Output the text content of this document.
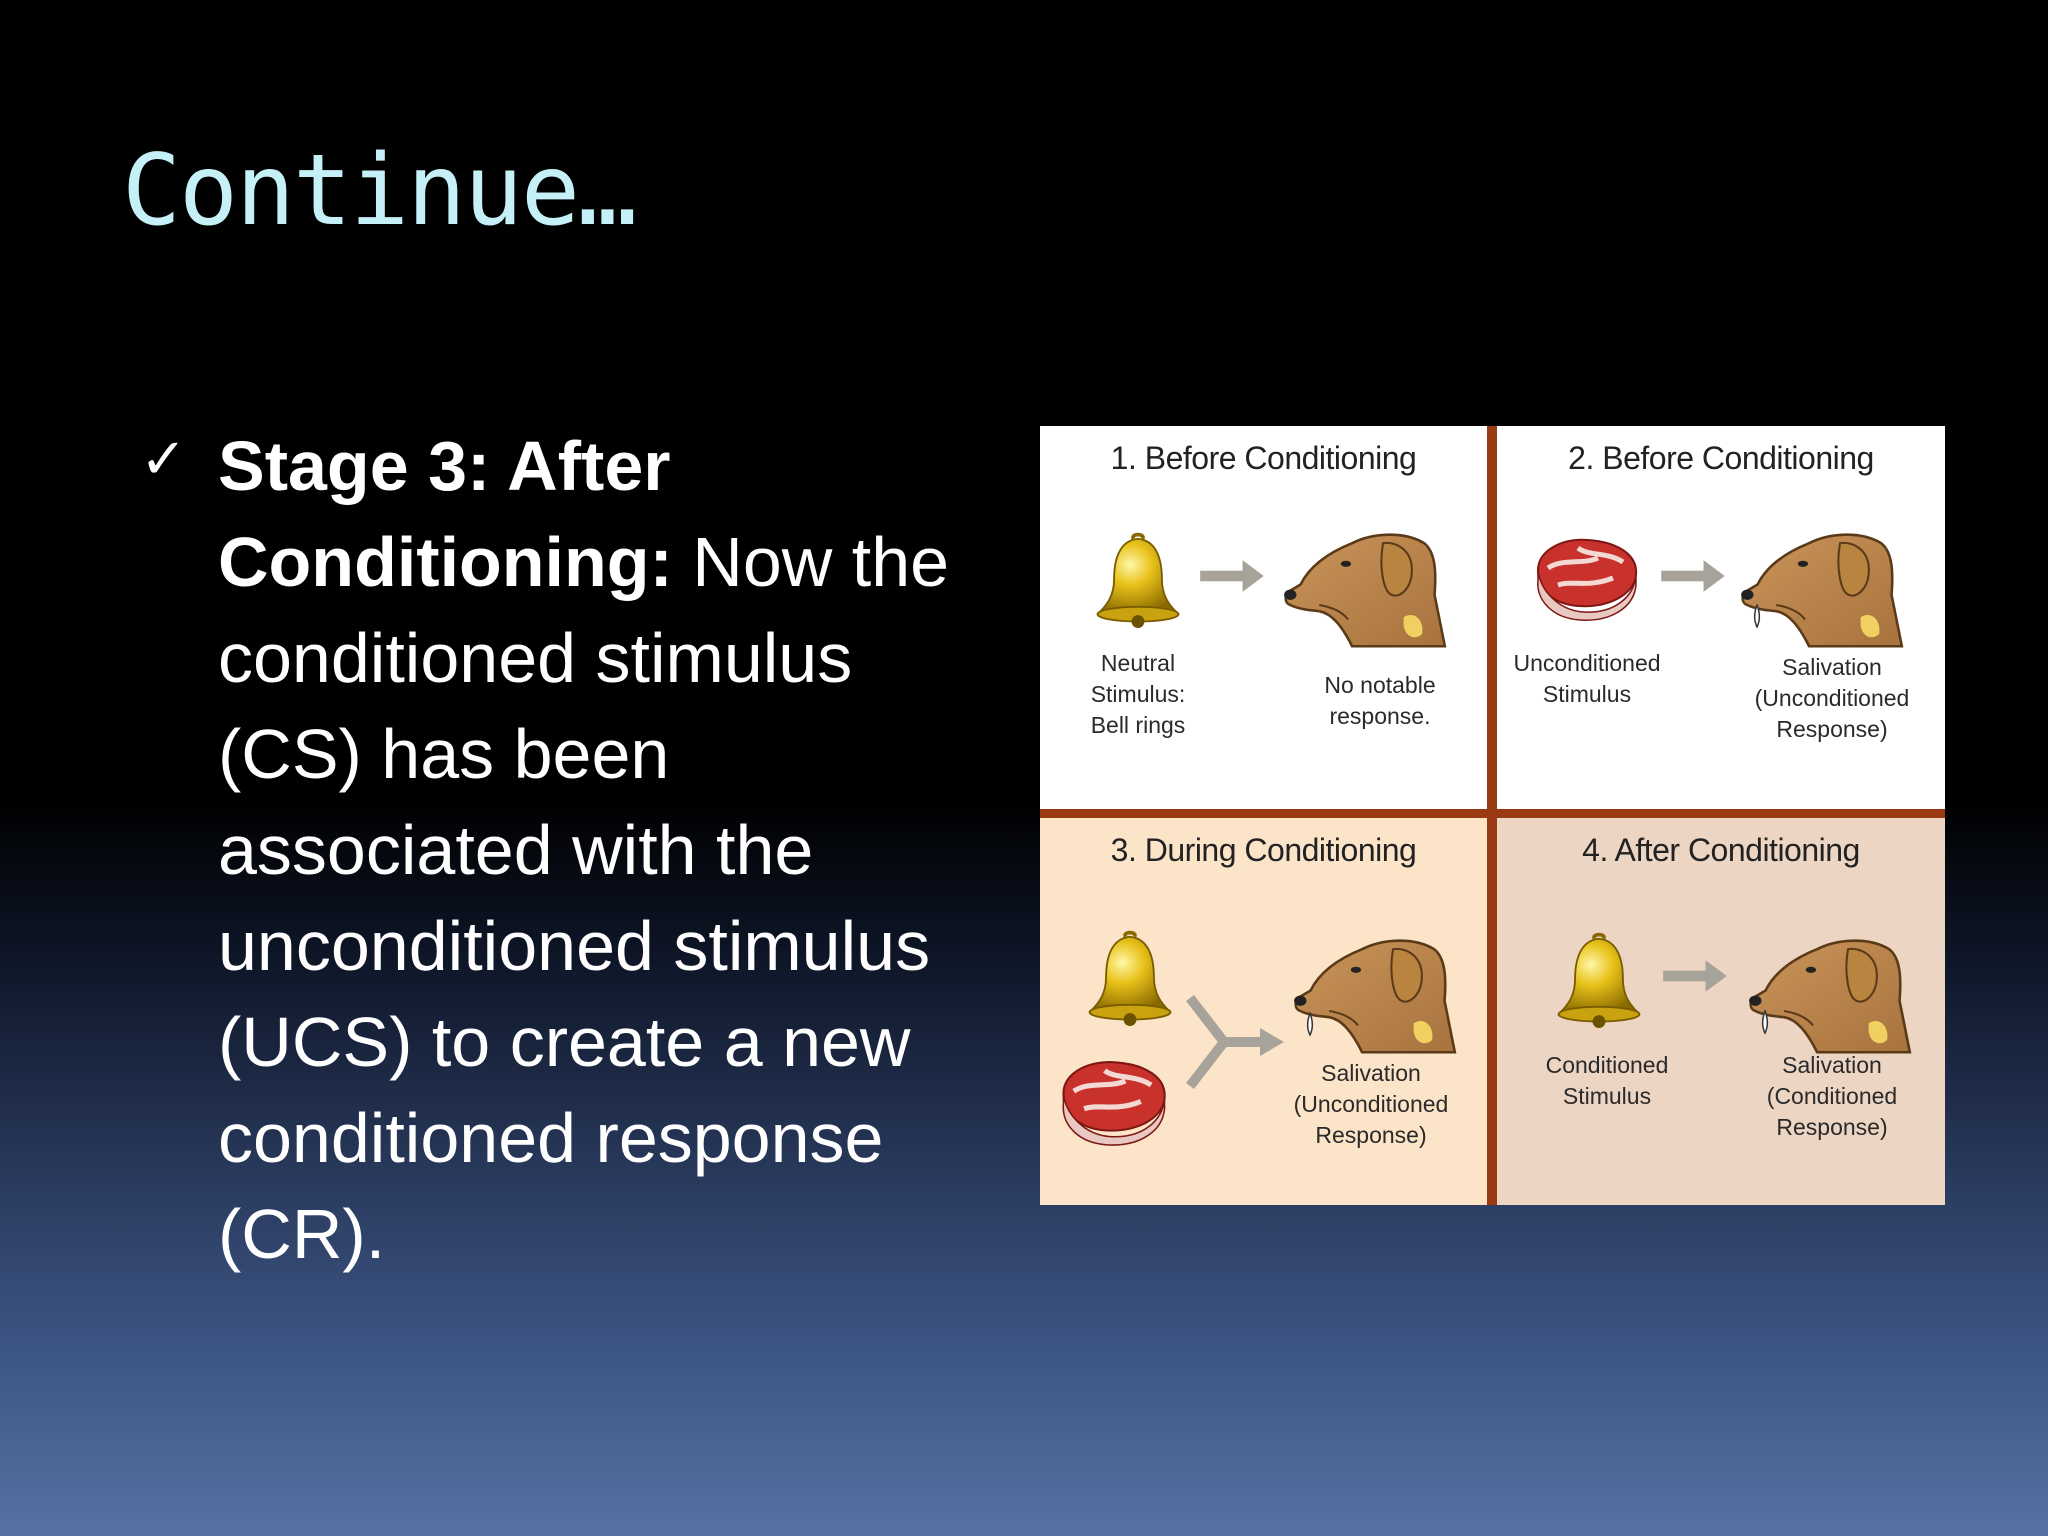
Continue…
✓ Stage 3: After Conditioning: Now the conditioned stimulus (CS) has been associated with the unconditioned stimulus (UCS) to create a new conditioned response (CR).
1. Before Conditioning
Neutral
Stimulus:
Bell rings
No notable
response.
2. Before Conditioning
Unconditioned
Stimulus
Salivation
(Unconditioned
Response)
3. During Conditioning
Salivation
(Unconditioned
Response)
4. After Conditioning
Conditioned
Stimulus
Salivation
(Conditioned
Response)
